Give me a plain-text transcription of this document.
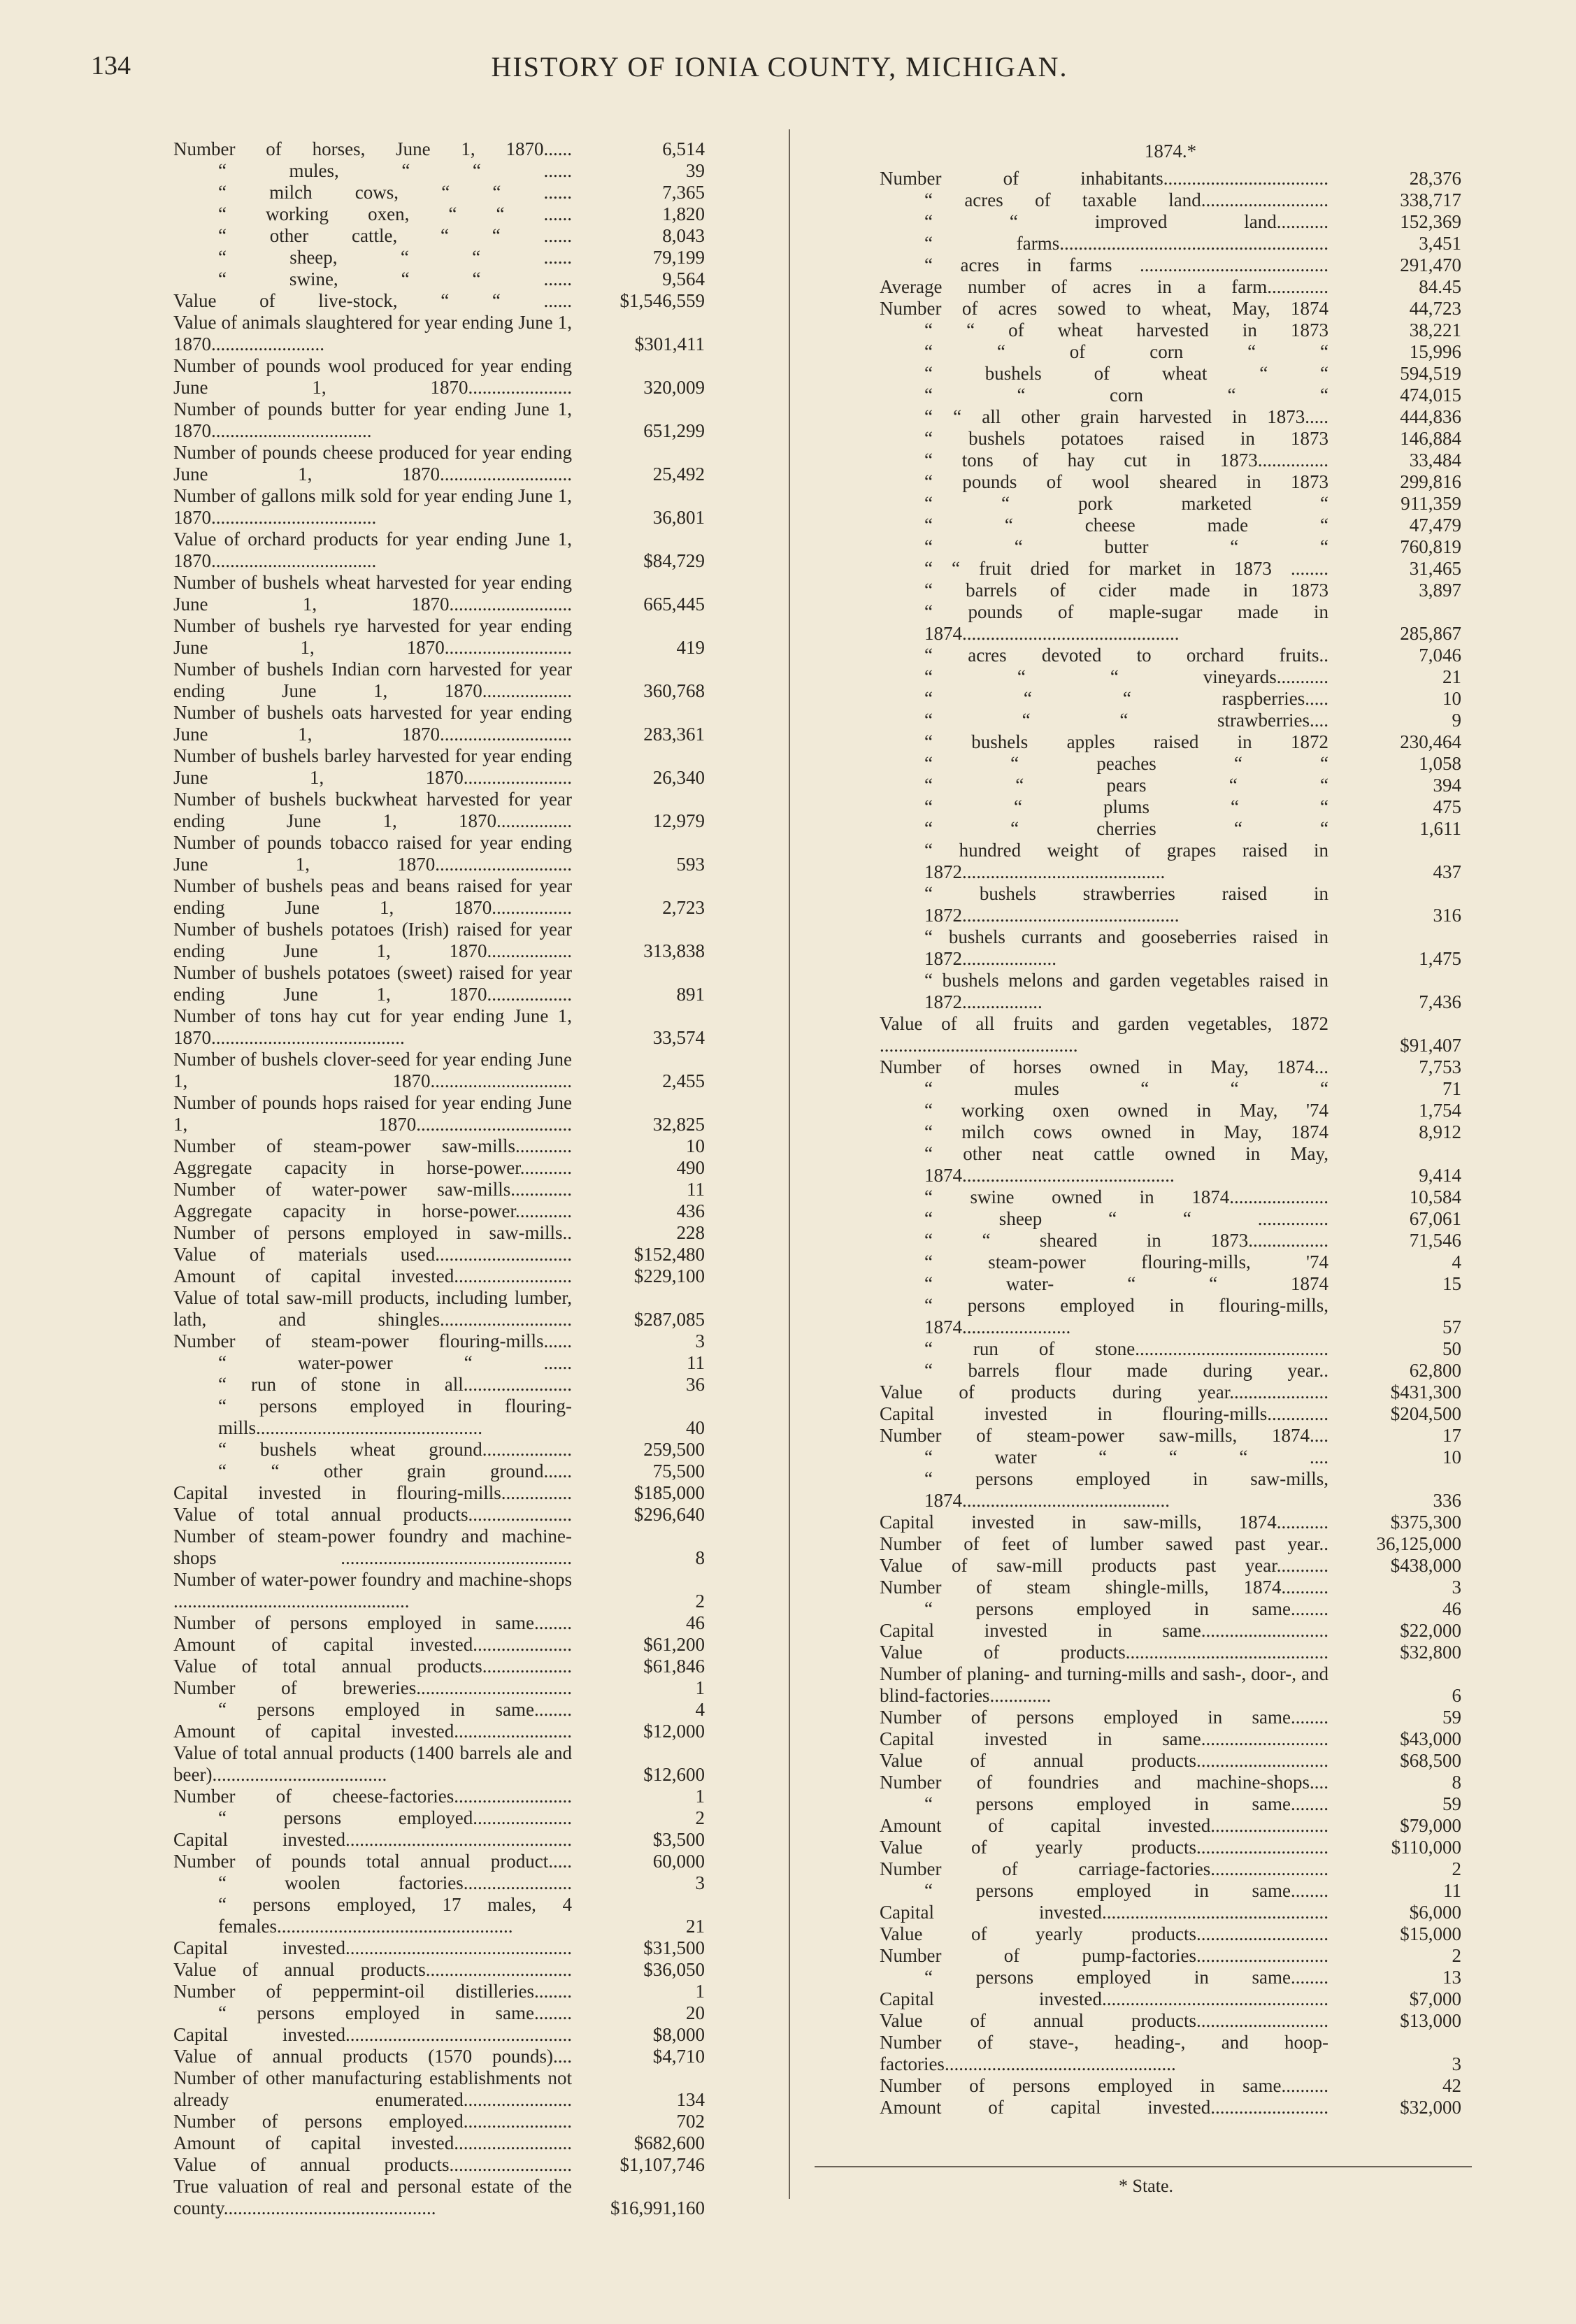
134	HISTORY OF IONIA COUNTY, MICHIGAN.
Number of horses, June 1, 1870......	6,514
“ mules, “ “ ......	39
“ milch cows, “ “ ......	7,365
“ working oxen, “ “ ......	1,820
“ other cattle, “ “ ......	8,043
“ sheep, “ “ ......	79,199
“ swine, “ “ ......	9,564
Value of live-stock, “ “ ......	$1,546,559
Value of animals slaughtered for year ending June 1, 1870........................	$301,411
Number of pounds wool produced for year ending June 1, 1870......................	320,009
Number of pounds butter for year ending June 1, 1870..................................	651,299
Number of pounds cheese produced for year ending June 1, 1870............................	25,492
Number of gallons milk sold for year ending June 1, 1870...................................	36,801
Value of orchard products for year ending June 1, 1870...................................	$84,729
Number of bushels wheat harvested for year ending June 1, 1870..........................	665,445
Number of bushels rye harvested for year ending June 1, 1870...........................	419
Number of bushels Indian corn harvested for year ending June 1, 1870...................	360,768
Number of bushels oats harvested for year ending June 1, 1870............................	283,361
Number of bushels barley harvested for year ending June 1, 1870.......................	26,340
Number of bushels buckwheat harvested for year ending June 1, 1870................	12,979
Number of pounds tobacco raised for year ending June 1, 1870.............................	593
Number of bushels peas and beans raised for year ending June 1, 1870.................	2,723
Number of bushels potatoes (Irish) raised for year ending June 1, 1870..................	313,838
Number of bushels potatoes (sweet) raised for year ending June 1, 1870..................	891
Number of tons hay cut for year ending June 1, 1870.........................................	33,574
Number of bushels clover-seed for year ending June 1, 1870..............................	2,455
Number of pounds hops raised for year ending June 1, 1870.................................	32,825
Number of steam-power saw-mills............	10
Aggregate capacity in horse-power...........	490
Number of water-power saw-mills.............	11
Aggregate capacity in horse-power............	436
Number of persons employed in saw-mills..	228
Value of materials used.............................	$152,480
Amount of capital invested.........................	$229,100
Value of total saw-mill products, including lumber, lath, and shingles............................	$287,085
Number of steam-power flouring-mills......	3
“ water-power “ ......	11
“ run of stone in all.......................	36
“ persons employed in flouring-mills................................................	40
“ bushels wheat ground...................	259,500
“ “ other grain ground......	75,500
Capital invested in flouring-mills...............	$185,000
Value of total annual products......................	$296,640
Number of steam-power foundry and machine-shops .................................................	8
Number of water-power foundry and machine-shops ..................................................	2
Number of persons employed in same........	46
Amount of capital invested.....................	$61,200
Value of total annual products...................	$61,846
Number of breweries.................................	1
“ persons employed in same........	4
Amount of capital invested.........................	$12,000
Value of total annual products (1400 barrels ale and beer).....................................	$12,600
Number of cheese-factories.........................	1
“ persons employed.....................	2
Capital invested................................................	$3,500
Number of pounds total annual product.....	60,000
“ woolen factories.......................	3
“ persons employed, 17 males, 4 females..................................................	21
Capital invested................................................	$31,500
Value of annual products...............................	$36,050
Number of peppermint-oil distilleries........	1
“ persons employed in same........	20
Capital invested................................................	$8,000
Value of annual products (1570 pounds)....	$4,710
Number of other manufacturing establishments not already enumerated.......................	134
Number of persons employed.......................	702
Amount of capital invested.........................	$682,600
Value of annual products..........................	$1,107,746
True valuation of real and personal estate of the county.............................................	$16,991,160
1874.*
Number of inhabitants...................................	28,376
“ acres of taxable land...........................	338,717
“ “ improved land...........	152,369
“ farms.........................................................	3,451
“ acres in farms ........................................	291,470
Average number of acres in a farm.............	84.45
Number of acres sowed to wheat, May, 1874	44,723
“ “ of wheat harvested in 1873	38,221
“ “ of corn “ “	15,996
“ bushels of wheat “ “	594,519
“ “ corn “ “	474,015
“ “ all other grain harvested in 1873.....	444,836
“ bushels potatoes raised in 1873	146,884
“ tons of hay cut in 1873...............	33,484
“ pounds of wool sheared in 1873	299,816
“ “ pork marketed “	911,359
“ “ cheese made “	47,479
“ “ butter “ “	760,819
“ “ fruit dried for market in 1873 ........	31,465
“ barrels of cider made in 1873	3,897
“ pounds of maple-sugar made in 1874..............................................	285,867
“ acres devoted to orchard fruits..	7,046
“ “ “ vineyards...........	21
“ “ “ raspberries.....	10
“ “ “ strawberries....	9
“ bushels apples raised in 1872	230,464
“ “ peaches “ “	1,058
“ “ pears “ “	394
“ “ plums “ “	475
“ “ cherries “ “	1,611
“ hundred weight of grapes raised in 1872...........................................	437
“ bushels strawberries raised in 1872..............................................	316
“ bushels currants and gooseberries raised in 1872....................	1,475
“ bushels melons and garden vegetables raised in 1872.................	7,436
Value of all fruits and garden vegetables, 1872 ..........................................	$91,407
Number of horses owned in May, 1874...	7,753
“ mules “ “ “	71
“ working oxen owned in May, '74	1,754
“ milch cows owned in May, 1874	8,912
“ other neat cattle owned in May, 1874.............................................	9,414
“ swine owned in 1874.....................	10,584
“ sheep “ “ ...............	67,061
“ “ sheared in 1873.................	71,546
“ steam-power flouring-mills, '74	4
“ water- “ “ 1874	15
“ persons employed in flouring-mills, 1874.......................	57
“ run of stone.........................................	50
“ barrels flour made during year..	62,800
Value of products during year.....................	$431,300
Capital invested in flouring-mills.............	$204,500
Number of steam-power saw-mills, 1874....	17
“ water “ “ “ ....	10
“ persons employed in saw-mills, 1874............................................	336
Capital invested in saw-mills, 1874...........	$375,300
Number of feet of lumber sawed past year..	36,125,000
Value of saw-mill products past year...........	$438,000
Number of steam shingle-mills, 1874..........	3
“ persons employed in same........	46
Capital invested in same...........................	$22,000
Value of products...........................................	$32,800
Number of planing- and turning-mills and sash-, door-, and blind-factories.............	6
Number of persons employed in same........	59
Capital invested in same...........................	$43,000
Value of annual products............................	$68,500
Number of foundries and machine-shops....	8
“ persons employed in same........	59
Amount of capital invested.........................	$79,000
Value of yearly products............................	$110,000
Number of carriage-factories.........................	2
“ persons employed in same........	11
Capital invested................................................	$6,000
Value of yearly products............................	$15,000
Number of pump-factories............................	2
“ persons employed in same........	13
Capital invested................................................	$7,000
Value of annual products............................	$13,000
Number of stave-, heading-, and hoop-factories.................................................	3
Number of persons employed in same..........	42
Amount of capital invested.........................	$32,000
* State.
